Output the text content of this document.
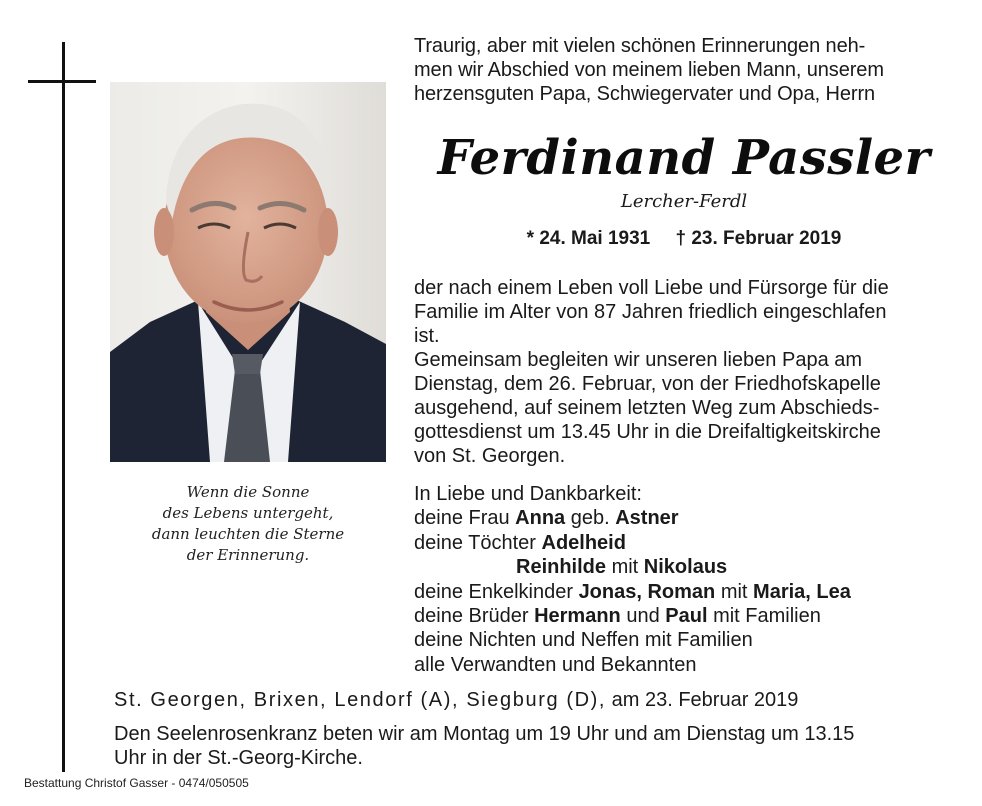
Wenn die Sonne
des Lebens untergeht,
dann leuchten die Sterne
der Erinnerung.
Traurig, aber mit vielen schönen Erinnerungen neh-
men wir Abschied von meinem lieben Mann, unserem
herzensguten Papa, Schwiegervater und Opa, Herrn
Ferdinand Passler
Lercher-Ferdl
* 24. Mai 1931 † 23. Februar 2019
der nach einem Leben voll Liebe und Fürsorge für die
Familie im Alter von 87 Jahren friedlich eingeschlafen
ist.
Gemeinsam begleiten wir unseren lieben Papa am
Dienstag, dem 26. Februar, von der Friedhofskapelle
ausgehend, auf seinem letzten Weg zum Abschieds-
gottesdienst um 13.45 Uhr in die Dreifaltigkeitskirche
von St. Georgen.
In Liebe und Dankbarkeit:
deine Frau Anna geb. Astner
deine Töchter Adelheid
Reinhilde mit Nikolaus
deine Enkelkinder Jonas, Roman mit Maria, Lea
deine Brüder Hermann und Paul mit Familien
deine Nichten und Neffen mit Familien
alle Verwandten und Bekannten
St. Georgen, Brixen, Lendorf (A), Siegburg (D), am 23. Februar 2019
Den Seelenrosenkranz beten wir am Montag um 19 Uhr und am Dienstag um 13.15
Uhr in der St.-Georg-Kirche.
Bestattung Christof Gasser - 0474/050505
